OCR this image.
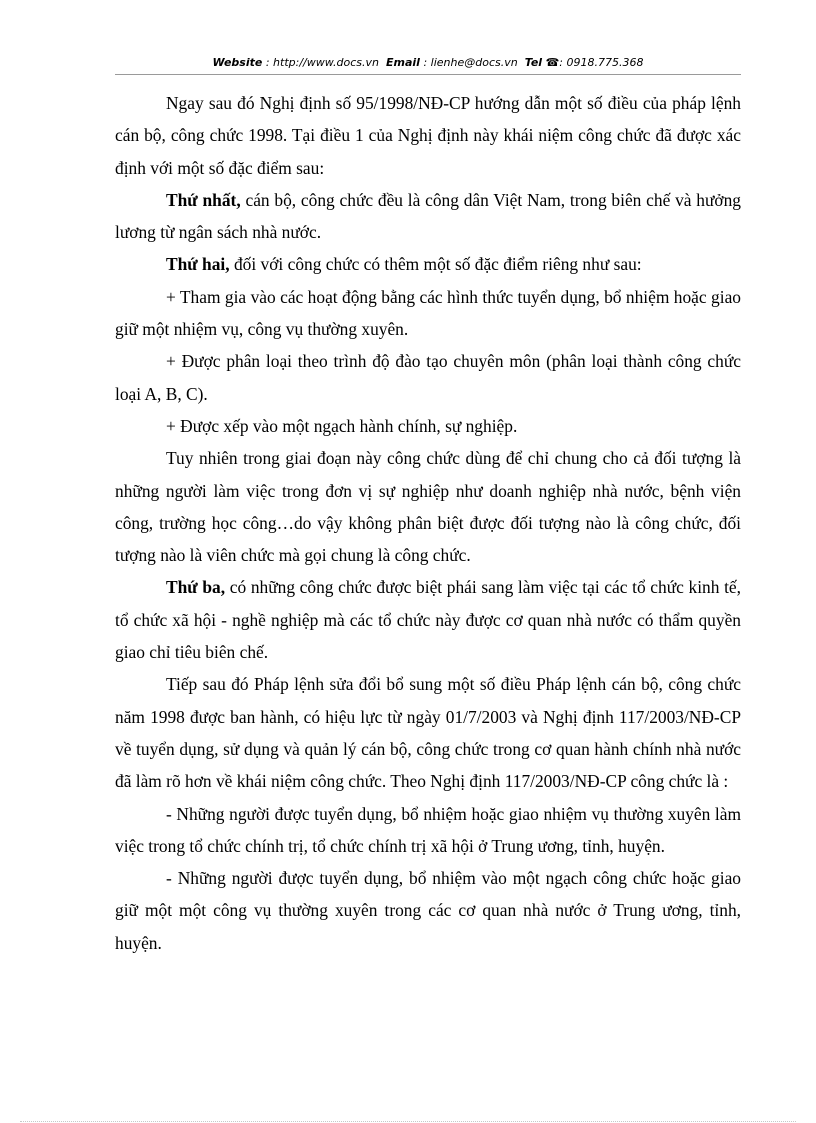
Website : http://www.docs.vn Email : lienhe@docs.vn Tel ☎: 0918.775.368

Ngay sau đó Nghị định số 95/1998/NĐ-CP hướng dẫn một số điều của pháp lệnh cán bộ, công chức 1998. Tại điều 1 của Nghị định này khái niệm công chức đã được xác định với một số đặc điểm sau:

Thứ nhất, cán bộ, công chức đều là công dân Việt Nam, trong biên chế và hưởng lương từ ngân sách nhà nước.

Thứ hai, đối với công chức có thêm một số đặc điểm riêng như sau:

+ Tham gia vào các hoạt động bằng các hình thức tuyển dụng, bổ nhiệm hoặc giao giữ một nhiệm vụ, công vụ thường xuyên.

+ Được phân loại theo trình độ đào tạo chuyên môn (phân loại thành công chức loại A, B, C).

+ Được xếp vào một ngạch hành chính, sự nghiệp.

Tuy nhiên trong giai đoạn này công chức dùng để chỉ chung cho cả đối tượng là những người làm việc trong đơn vị sự nghiệp như doanh nghiệp nhà nước, bệnh viện công, trường học công…do vậy không phân biệt được đối tượng nào là công chức, đối tượng nào là viên chức mà gọi chung là công chức.

Thứ ba, có những công chức được biệt phái sang làm việc tại các tổ chức kinh tế, tổ chức xã hội - nghề nghiệp mà các tổ chức này được cơ quan nhà nước có thẩm quyền giao chỉ tiêu biên chế.

Tiếp sau đó Pháp lệnh sửa đổi bổ sung một số điều Pháp lệnh cán bộ, công chức năm 1998 được ban hành, có hiệu lực từ ngày 01/7/2003 và Nghị định 117/2003/NĐ-CP về tuyển dụng, sử dụng và quản lý cán bộ, công chức trong cơ quan hành chính nhà nước đã làm rõ hơn về khái niệm công chức. Theo Nghị định 117/2003/NĐ-CP công chức là :

- Những người được tuyển dụng, bổ nhiệm hoặc giao nhiệm vụ thường xuyên làm việc trong tổ chức chính trị, tổ chức chính trị xã hội ở Trung ương, tỉnh, huyện.

- Những người được tuyển dụng, bổ nhiệm vào một ngạch công chức hoặc giao giữ một một công vụ thường xuyên trong các cơ quan nhà nước ở Trung ương, tỉnh, huyện.
